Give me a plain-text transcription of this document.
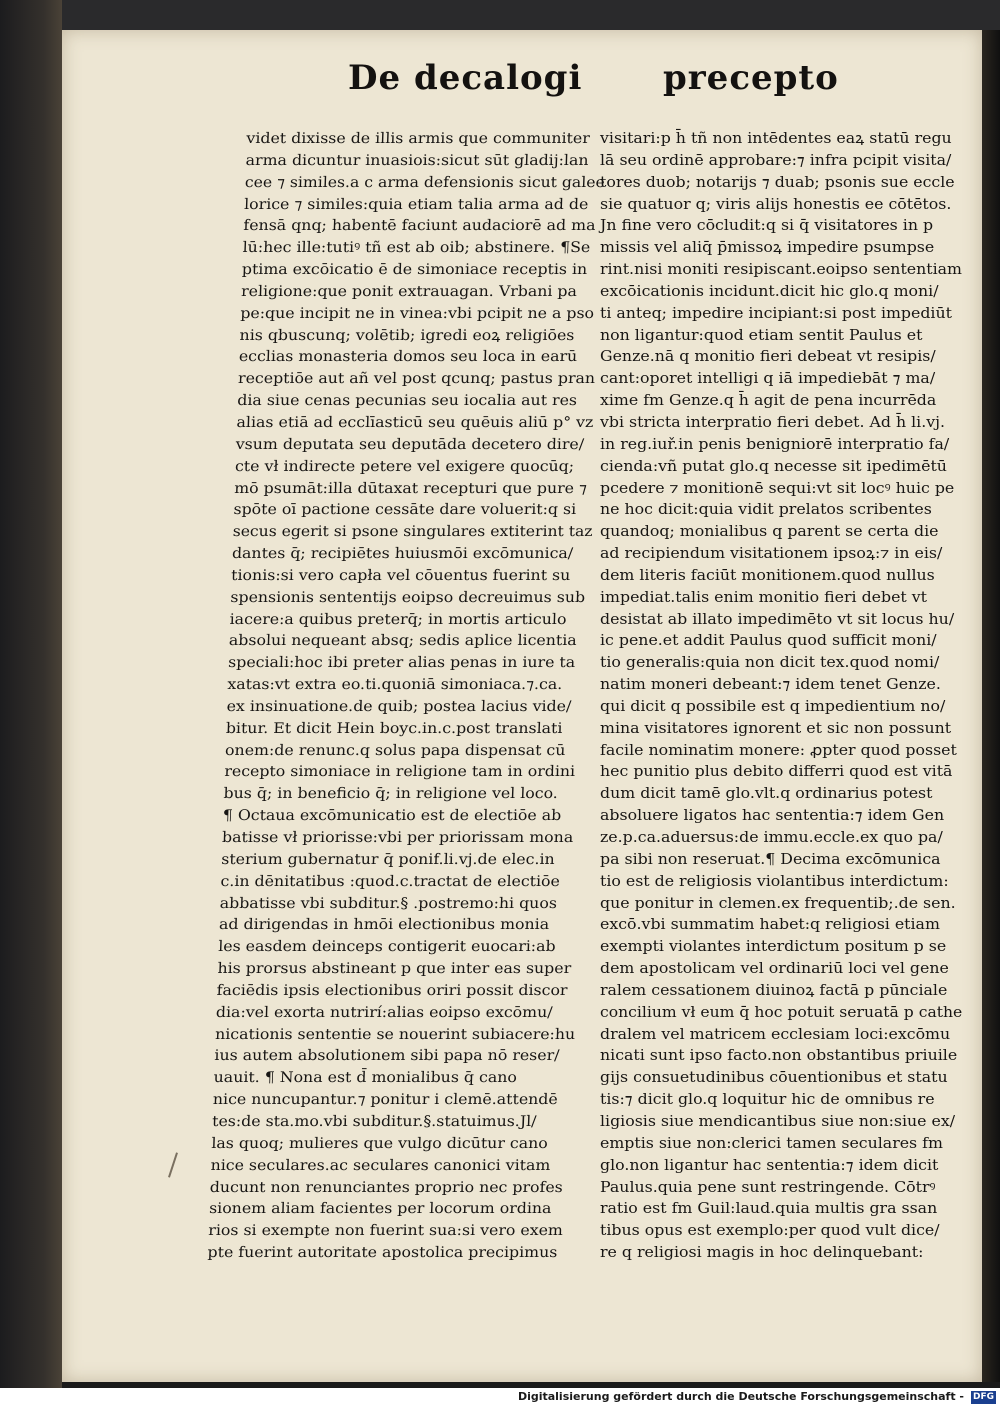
De decalogi precepto
videt dixisse de illis armis que communiter
arma dicuntur inuasiois:sicut sūt gladij:lan
cee ⁊ similes.a c arma defensionis sicut galee
lorice ⁊ similes:quia etiam talia arma ad de
fensā qnq; habentē faciunt audaciorē ad ma
lū:hec ille:tutiꝰ tñ est ab oib; abstinere. ¶Se
ptima excōicatio ē de simoniace receptis in
religione:que ponit extrauagan. Vrbani pa
pe:que incipit ne in vinea:vbi pcipit ne a pso
nis qbuscunq; volētib; igredi eoꝝ religiōes
ecclias monasteria domos seu loca in earū
receptiōe aut añ vel post qcunq; pastus pran
dia siue cenas pecunias seu iocalia aut res
alias etiā ad ecclīasticū seu quēuis aliū p° vz
vsum deputata seu deputāda decetero dire/
cte vł indirecte petere vel exigere quocūq;
mō psumāt:illa dūtaxat recepturi que pure ⁊
spōte oī pactione cessāte dare voluerit:q si
secus egerit si psone singulares extiterint taz
dantes q̄; recipiētes huiusmōi excōmunica/
tionis:si vero capła vel cōuentus fuerint su
spensionis sententijs eoipso decreuimus sub
iacere:a quibus preterq̄; in mortis articulo
absolui nequeant absq; sedis aplice licentia
speciali:hoc ibi preter alias penas in iure ta
xatas:vt extra eo.ti.quoniā simoniaca.⁊.ca.
ex insinuatione.de quib; postea lacius vide/
bitur. Et dicit Hein boyc.in.c.post translati
onem:de renunc.q solus papa dispensat cū
recepto simoniace in religione tam in ordini
bus q̄; in beneficio q̄; in religione vel loco.
¶ Octaua excōmunicatio est de electiōe ab
batisse vł priorisse:vbi per priorissam mona
sterium gubernatur q̄ ponif.li.vj.de elec.in
c.in dēnitatibus :quod.c.tractat de electiōe
abbatisse vbi subditur.§ .postremo:hi quos
ad dirigendas in hmōi electionibus monia
les easdem deinceps contigerit euocari:ab
his prorsus abstineant p que inter eas super
faciēdis ipsis electionibus oriri possit discor
dia:vel exorta nutrirí:alias eoipso excōmu/
nicationis sententie se nouerint subiacere:hu
ius autem absolutionem sibi papa nō reser/
uauit. ¶ Nona est d̄ monialibus q̄ cano
nice nuncupantur.⁊ ponitur i clemē.attendē
tes:de sta.mo.vbi subditur.§.statuimus.Jl/
las quoq; mulieres que vulgo dicūtur cano
nice seculares.ac seculares canonici vitam
ducunt non renunciantes proprio nec profes
sionem aliam facientes per locorum ordina
rios si exempte non fuerint sua:si vero exem
pte fuerint autoritate apostolica precipimus
visitari:p h̄ tñ non intēdentes eaꝝ statū regu
lā seu ordinē approbare:⁊ infra pcipit visita/
tores duob; notarijs ⁊ duab; psonis sue eccle
sie quatuor q; viris alijs honestis ee cōtētos.
Jn fine vero cōcludit:q si q̄ visitatores in p
missis vel aliq̄ p̄missoꝝ impedire psumpse
rint.nisi moniti resipiscant.eoipso sententiam
excōicationis incidunt.dicit hic glo.q moni/
ti anteq; impedire incipiant:si post impediūt
non ligantur:quod etiam sentit Paulus et
Genze.nā q monitio fieri debeat vt resipis/
cant:oporet intelligi q iā impediebāt ⁊ ma/
xime fm Genze.q h̄ agit de pena incurrēda
vbi stricta interpratio fieri debet. Ad h̄ li.vj.
in reg.iuř.in penis benigniorē interpratio fa/
cienda:vñ putat glo.q necesse sit ipedimētū
pcedere ⁊ monitionē sequi:vt sit locꝰ huic pe
ne hoc dicit:quia vidit prelatos scribentes
quandoq; monialibus q parent se certa die
ad recipiendum visitationem ipsoꝝ:⁊ in eis/
dem literis faciūt monitionem.quod nullus
impediat.talis enim monitio fieri debet vt
desistat ab illato impedimēto vt sit locus hu/
ic pene.et addit Paulus quod sufficit moni/
tio generalis:quia non dicit tex.quod nomi/
natim moneri debeant:⁊ idem tenet Genze.
qui dicit q possibile est q impedientium no/
mina visitatores ignorent et sic non possunt
facile nominatim monere: ꝓpter quod posset
hec punitio plus debito differri quod est vitā
dum dicit tamē glo.vlt.q ordinarius potest
absoluere ligatos hac sententia:⁊ idem Gen
ze.p.ca.aduersus:de immu.eccle.ex quo pa/
pa sibi non reseruat.¶ Decima excōmunica
tio est de religiosis violantibus interdictum:
que ponitur in clemen.ex frequentib;.de sen.
excō.vbi summatim habet:q religiosi etiam
exempti violantes interdictum positum p se
dem apostolicam vel ordinariū loci vel gene
ralem cessationem diuinoꝝ factā p pūnciale
concilium vł eum q̄ hoc potuit seruatā p cathe
dralem vel matricem ecclesiam loci:excōmu
nicati sunt ipso facto.non obstantibus priuile
gijs consuetudinibus cōuentionibus et statu
tis:⁊ dicit glo.q loquitur hic de omnibus re
ligiosis siue mendicantibus siue non:siue ex/
emptis siue non:clerici tamen seculares fm
glo.non ligantur hac sententia:⁊ idem dicit
Paulus.quia pene sunt restringende. Cōtrꝰ
ratio est fm Guil:laud.quia multis gra ssan
tibus opus est exemplo:per quod vult dice/
re q religiosi magis in hoc delinquebant:
Digitalisierung gefördert durch die Deutsche Forschungsgemeinschaft - DFG
